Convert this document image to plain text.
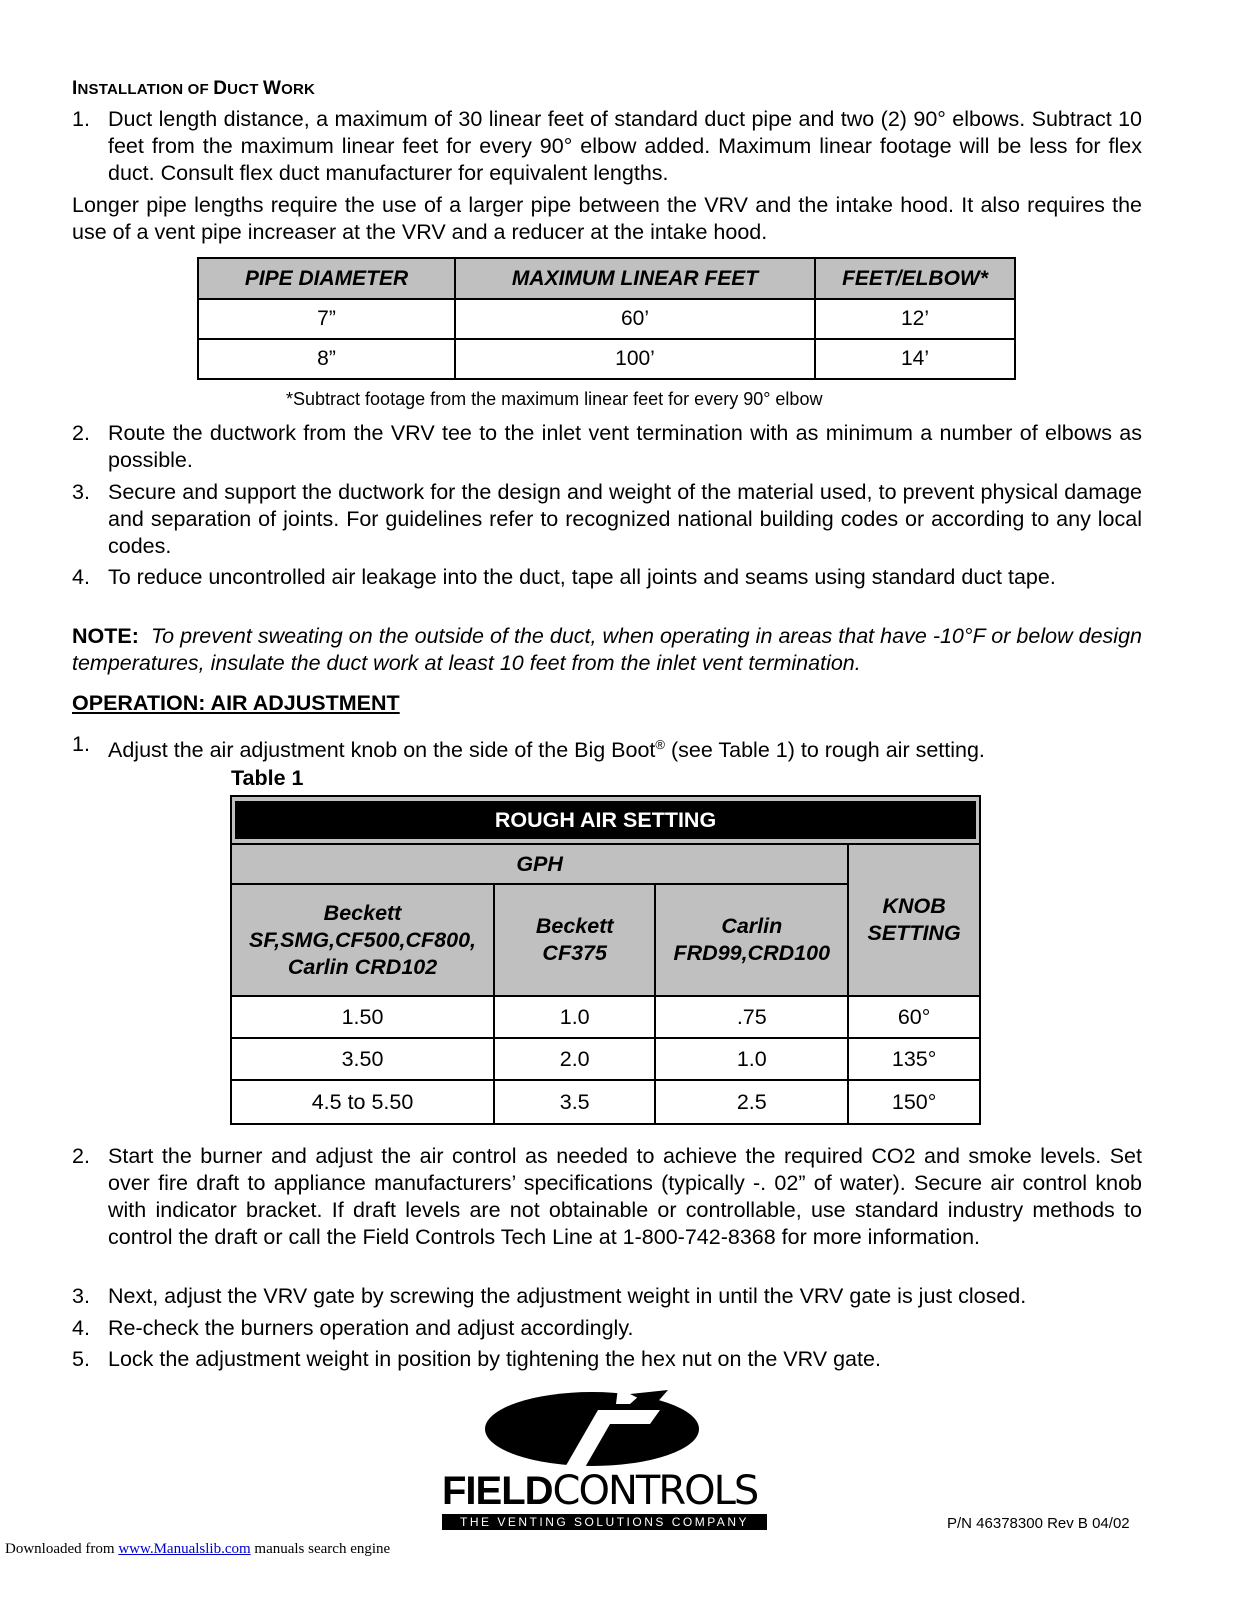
INSTALLATION OF DUCT WORK
1. Duct length distance, a maximum of 30 linear feet of standard duct pipe and two (2) 90° elbows. Subtract 10 feet from the maximum linear feet for every 90° elbow added. Maximum linear footage will be less for flex duct. Consult flex duct manufacturer for equivalent lengths.
Longer pipe lengths require the use of a larger pipe between the VRV and the intake hood. It also requires the use of a vent pipe increaser at the VRV and a reducer at the intake hood.
PIPE DIAMETER	MAXIMUM LINEAR FEET	FEET/ELBOW*
7”	60’	12’
8”	100’	14’
*Subtract footage from the maximum linear feet for every 90° elbow
2. Route the ductwork from the VRV tee to the inlet vent termination with as minimum a number of elbows as possible.
3. Secure and support the ductwork for the design and weight of the material used, to prevent physical damage and separation of joints. For guidelines refer to recognized national building codes or according to any local codes.
4. To reduce uncontrolled air leakage into the duct, tape all joints and seams using standard duct tape.
NOTE: To prevent sweating on the outside of the duct, when operating in areas that have -10°F or below design temperatures, insulate the duct work at least 10 feet from the inlet vent termination.
OPERATION: AIR ADJUSTMENT
1. Adjust the air adjustment knob on the side of the Big Boot® (see Table 1) to rough air setting.
Table 1
ROUGH AIR SETTING			

GPH			KNOB SETTING
Beckett SF,SMG,CF500,CF800, Carlin CRD102	Beckett CF375	Carlin FRD99,CRD100	
1.50	1.0	.75	60°
3.50	2.0	1.0	135°
4.5 to 5.50	3.5	2.5	150°
2. Start the burner and adjust the air control as needed to achieve the required CO2 and smoke levels. Set over fire draft to appliance manufacturers’ specifications (typically -. 02” of water). Secure air control knob with indicator bracket. If draft levels are not obtainable or controllable, use standard industry methods to control the draft or call the Field Controls Tech Line at 1-800-742-8368 for more information.
3. Next, adjust the VRV gate by screwing the adjustment weight in until the VRV gate is just closed.
4. Re-check the burners operation and adjust accordingly.
5. Lock the adjustment weight in position by tightening the hex nut on the VRV gate.
FIELDCONTROLS
THE VENTING SOLUTIONS COMPANY	P/N 46378300 Rev B 04/02
Downloaded from www.Manualslib.com manuals search engine
